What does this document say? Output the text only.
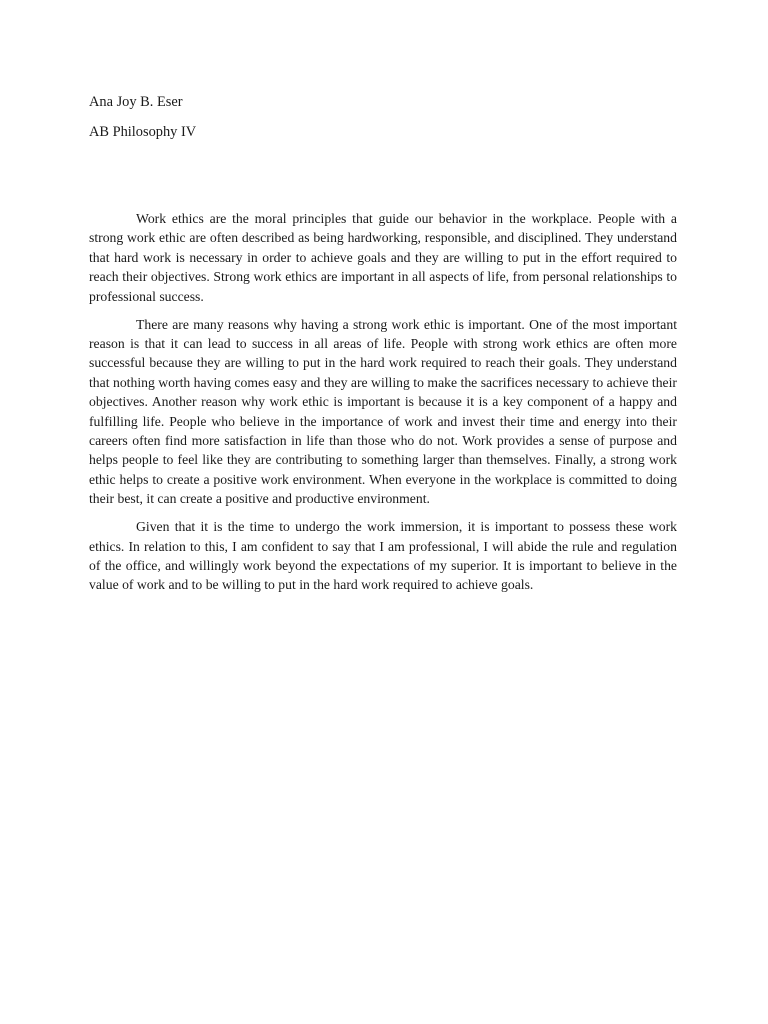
Ana Joy B. Eser
AB Philosophy IV

Work ethics are the moral principles that guide our behavior in the workplace. People with a strong work ethic are often described as being hardworking, responsible, and disciplined. They understand that hard work is necessary in order to achieve goals and they are willing to put in the effort required to reach their objectives. Strong work ethics are important in all aspects of life, from personal relationships to professional success.

There are many reasons why having a strong work ethic is important. One of the most important reason is that it can lead to success in all areas of life. People with strong work ethics are often more successful because they are willing to put in the hard work required to reach their goals. They understand that nothing worth having comes easy and they are willing to make the sacrifices necessary to achieve their objectives. Another reason why work ethic is important is because it is a key component of a happy and fulfilling life. People who believe in the importance of work and invest their time and energy into their careers often find more satisfaction in life than those who do not. Work provides a sense of purpose and helps people to feel like they are contributing to something larger than themselves. Finally, a strong work ethic helps to create a positive work environment. When everyone in the workplace is committed to doing their best, it can create a positive and productive environment.

Given that it is the time to undergo the work immersion, it is important to possess these work ethics. In relation to this, I am confident to say that I am professional, I will abide the rule and regulation of the office, and willingly work beyond the expectations of my superior. It is important to believe in the value of work and to be willing to put in the hard work required to achieve goals.
